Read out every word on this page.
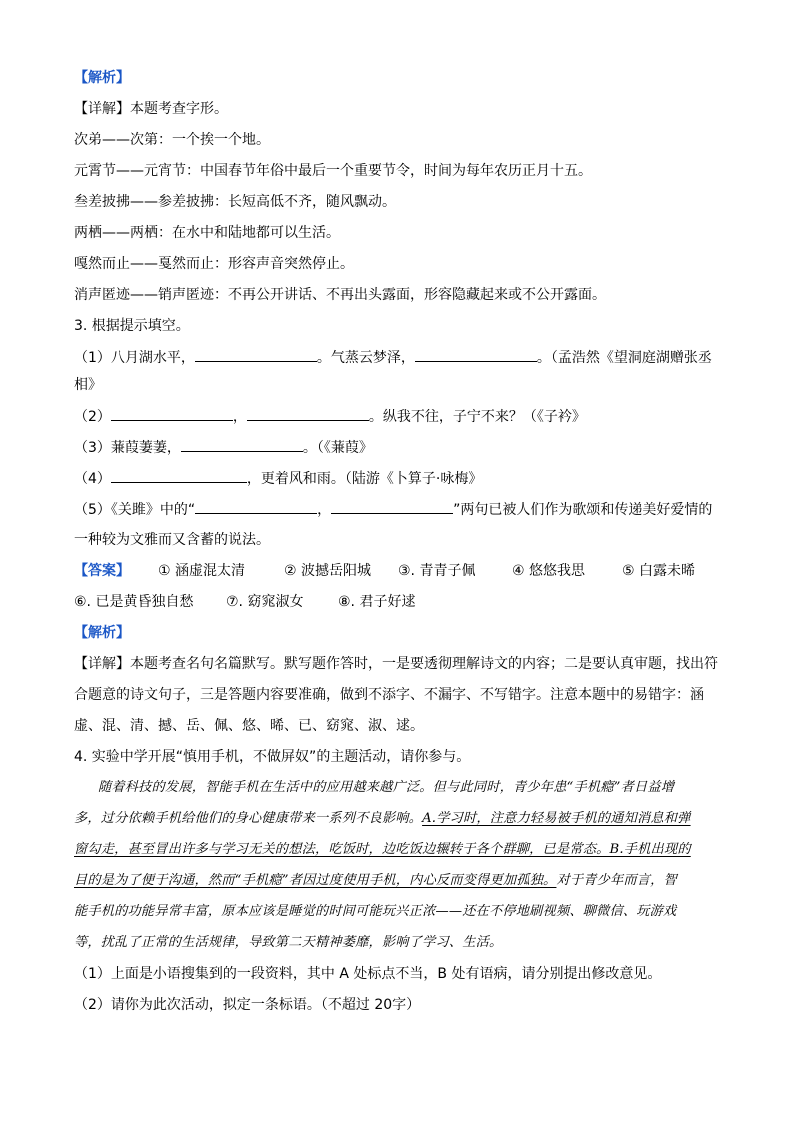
【解析】
【详解】本题考查字形。
次弟——次第：一个挨一个地。
元霄节——元宵节：中国春节年俗中最后一个重要节令，时间为每年农历正月十五。
叁差披拂——参差披拂：长短高低不齐，随风飘动。
两栖——两栖：在水中和陆地都可以生活。
嘎然而止——戛然而止：形容声音突然停止。
消声匿迹——销声匿迹：不再公开讲话、不再出头露面，形容隐藏起来或不公开露面。
3. 根据提示填空。
（1）八月湖水平，	。气蒸云梦泽，	。（孟浩然《望洞庭湖赠张丞
相》
（2）	，	。纵我不往，子宁不来？（《子衿》
（3）蒹葭萋萋，	。（《蒹葭》
（4）	，更着风和雨。（陆游《卜算子·咏梅》
（5）《关雎》中的“	，	”两句已被人们作为歌颂和传递美好爱情的
一种较为文雅而又含蓄的说法。
【答案】 ① 涵虚混太清	② 波撼岳阳城 ③. 青青子佩	④ 悠悠我思	⑤ 白露未晞
⑥. 已是黄昏独自愁 ⑦. 窈窕淑女 ⑧. 君子好逑
【解析】
【详解】本题考查名句名篇默写。默写题作答时，一是要透彻理解诗文的内容；二是要认真审题，找出符
合题意的诗文句子，三是答题内容要准确，做到不添字、不漏字、不写错字。注意本题中的易错字：涵
虚、混、清、撼、岳、佩、悠、晞、已、窈窕、淑、逑。
4. 实验中学开展“慎用手机，不做屏奴”的主题活动，请你参与。
随着科技的发展，智能手机在生活中的应用越来越广泛。但与此同时，青少年患“手机瘾”者日益增
多，过分依赖手机给他们的身心健康带来一系列不良影响。A.学习时，注意力轻易被手机的通知消息和弹
窗勾走，甚至冒出许多与学习无关的想法，吃饭时，边吃饭边辗转于各个群聊，已是常态。B.手机出现的
目的是为了便于沟通，然而“手机瘾”者因过度使用手机，内心反而变得更加孤独。对于青少年而言，智
能手机的功能异常丰富，原本应该是睡觉的时间可能玩兴正浓——还在不停地刷视频、聊微信、玩游戏
等，扰乱了正常的生活规律，导致第二天精神萎靡，影响了学习、生活。
（1）上面是小语搜集到的一段资料，其中 A 处标点不当，B 处有语病，请分别提出修改意见。
（2）请你为此次活动，拟定一条标语。（不超过 20字）
